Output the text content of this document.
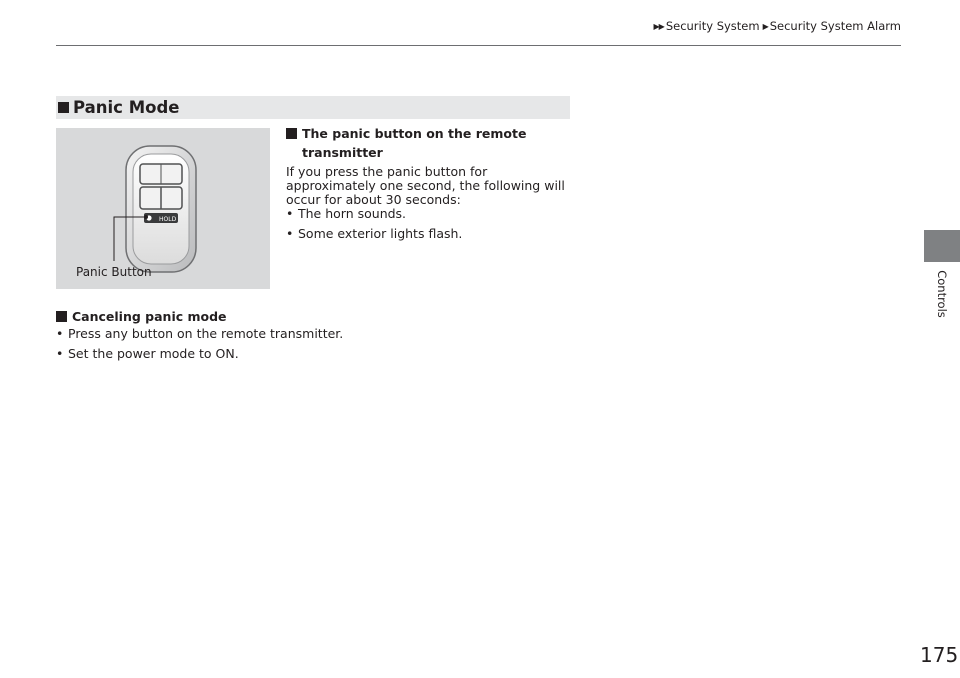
▶▶ Security System ▶ Security System Alarm
Controls
Panic Mode
HOLD
Panic Button
The panic button on the remote
transmitter
If you press the panic button for
approximately one second, the following will
occur for about 30 seconds:
• The horn sounds.
• Some exterior lights flash.
Canceling panic mode
• Press any button on the remote transmitter.
• Set the power mode to ON.
175
